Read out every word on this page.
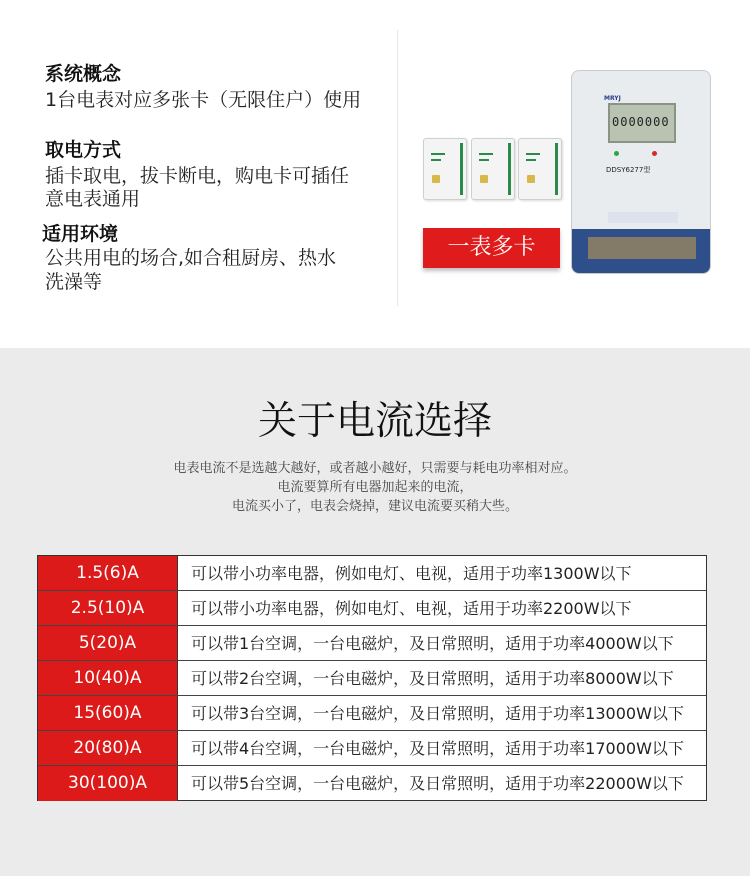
系统概念
1台电表对应多张卡（无限住户）使用
取电方式
插卡取电，拔卡断电，购电卡可插任
意电表通用
适用环境
公共用电的场合,如合租厨房、热水
洗澡等
一表多卡
MRYJ
0000000
DDSY6277型
关于电流选择
电表电流不是选越大越好，或者越小越好，只需要与耗电功率相对应。
电流要算所有电器加起来的电流，
电流买小了，电表会烧掉，建议电流要买稍大些。
1.5(6)A	可以带小功率电器，例如电灯、电视，适用于功率1300W以下
2.5(10)A	可以带小功率电器，例如电灯、电视，适用于功率2200W以下
5(20)A	可以带1台空调，一台电磁炉，及日常照明，适用于功率4000W以下
10(40)A	可以带2台空调，一台电磁炉，及日常照明，适用于功率8000W以下
15(60)A	可以带3台空调，一台电磁炉，及日常照明，适用于功率13000W以下
20(80)A	可以带4台空调，一台电磁炉，及日常照明，适用于功率17000W以下
30(100)A	可以带5台空调，一台电磁炉，及日常照明，适用于功率22000W以下
